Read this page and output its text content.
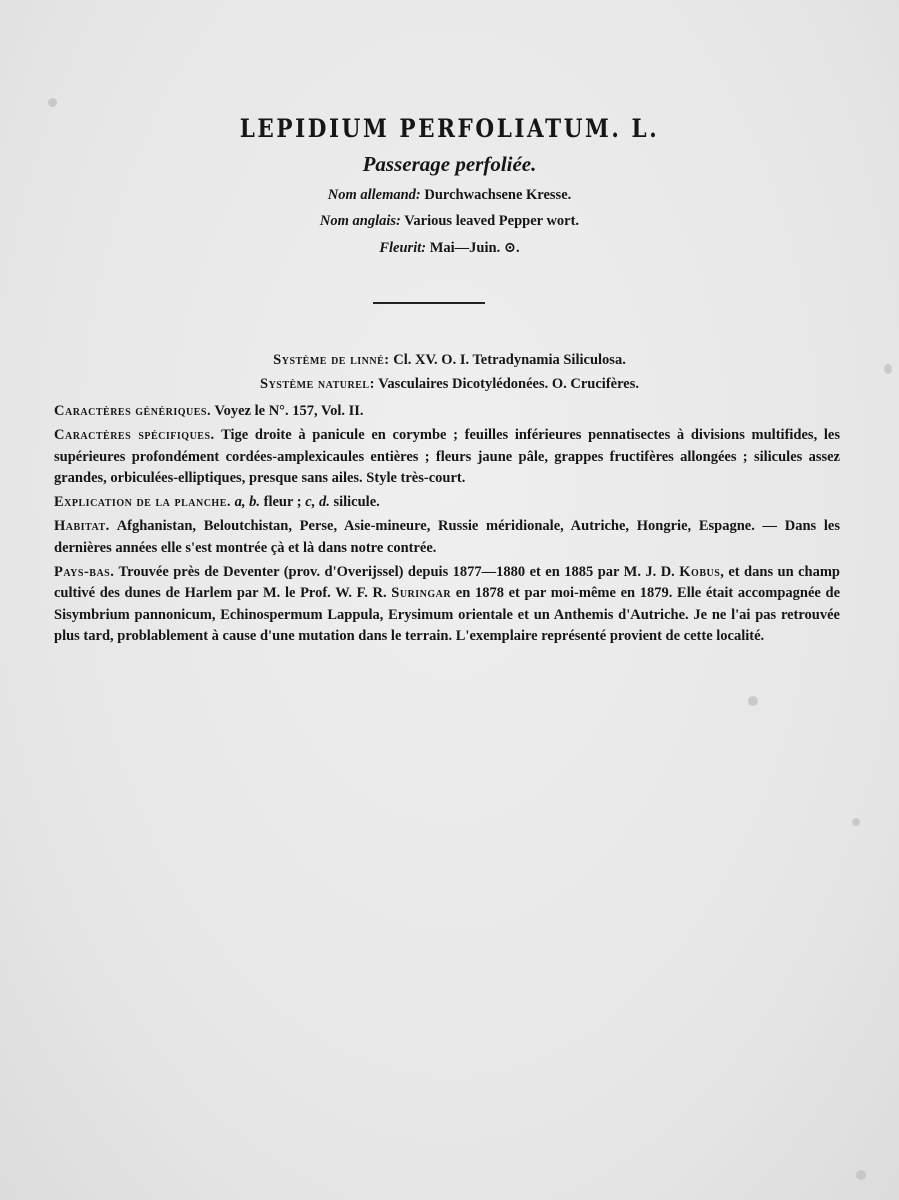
LEPIDIUM PERFOLIATUM. L.
Passerage perfoliée.
Nom allemand: Durchwachsene Kresse.
Nom anglais: Various leaved Pepper wort.
Fleurit: Mai—Juin. ⊙.
Système de linné: Cl. XV. O. I. Tetradynamia Siliculosa.
Système naturel: Vasculaires Dicotylédonées. O. Crucifères.

Caractères génériques. Voyez le N°. 157, Vol. II.

Caractères spécifiques. Tige droite à panicule en corymbe ; feuilles inférieures pennatisectes à divisions multifides, les supérieures profondément cordées-amplexicaules entières ; fleurs jaune pâle, grappes fructifères allongées ; silicules assez grandes, orbiculées-elliptiques, presque sans ailes. Style très-court.

Explication de la planche. a, b. fleur ; c, d. silicule.

Habitat. Afghanistan, Beloutchistan, Perse, Asie-mineure, Russie méridionale, Autriche, Hongrie, Espagne. — Dans les dernières années elle s'est montrée çà et là dans notre contrée.

Pays-bas. Trouvée près de Deventer (prov. d'Overijssel) depuis 1877—1880 et en 1885 par M. J. D. Kobus, et dans un champ cultivé des dunes de Harlem par M. le Prof. W. F. R. Suringar en 1878 et par moi-même en 1879. Elle était accompagnée de Sisymbrium pannonicum, Echinospermum Lappula, Erysimum orientale et un Anthemis d'Autriche. Je ne l'ai pas retrouvée plus tard, problablement à cause d'une mutation dans le terrain. L'exemplaire représenté provient de cette localité.
